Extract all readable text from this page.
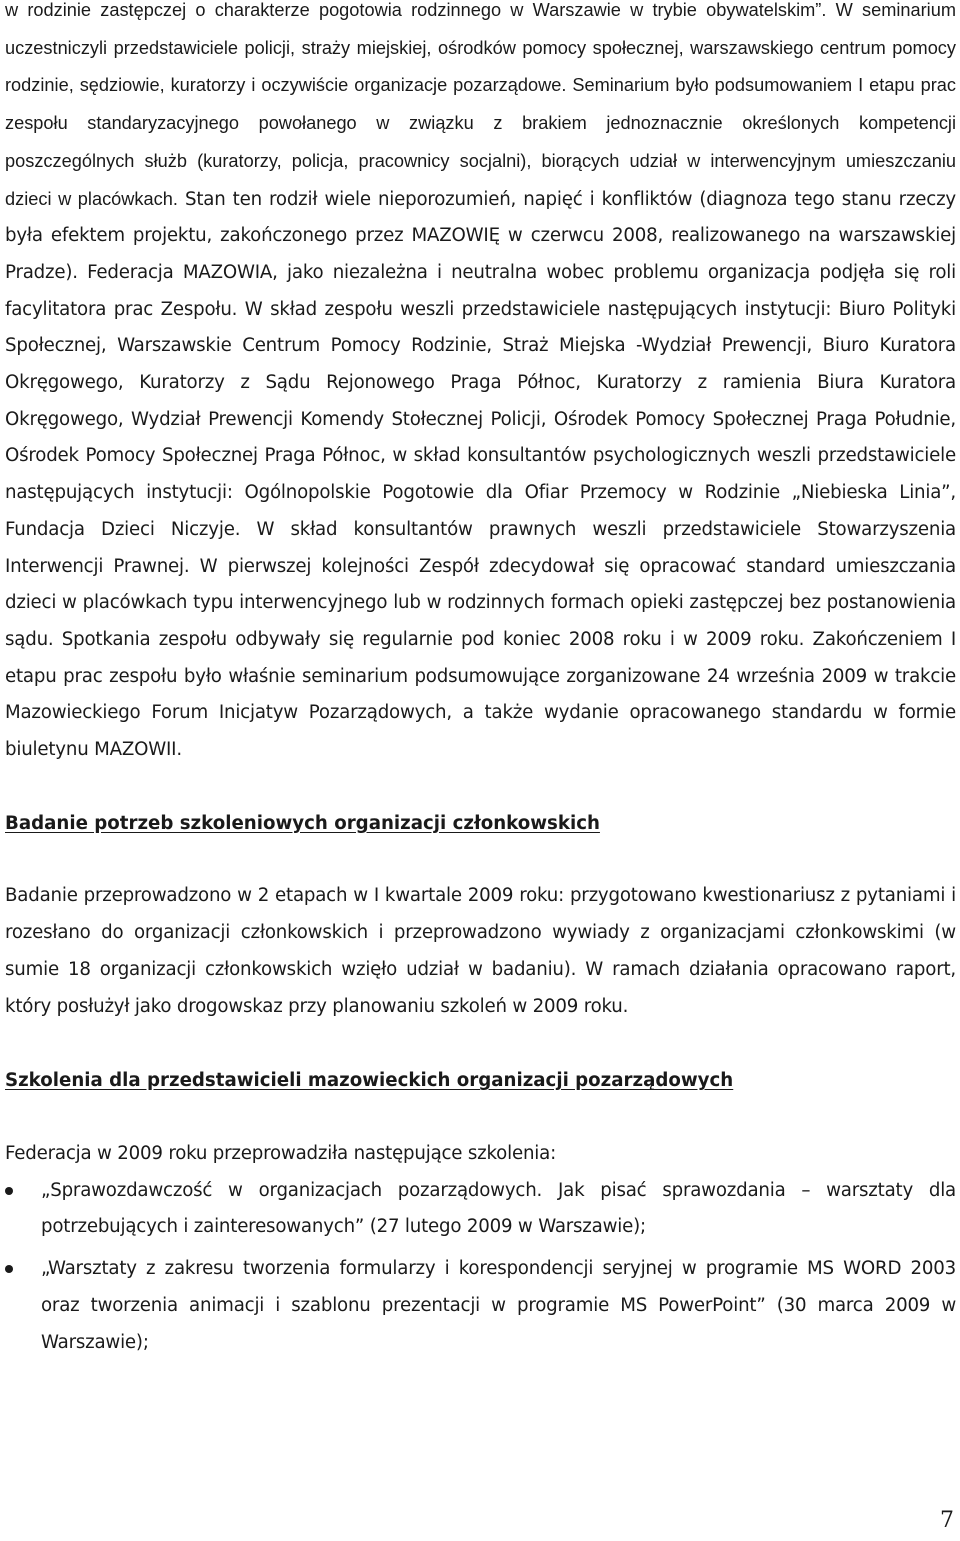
w rodzinie zastępczej o charakterze pogotowia rodzinnego w Warszawie w trybie obywatelskim”. W seminarium uczestniczyli przedstawiciele policji, straży miejskiej, ośrodków pomocy społecznej, warszawskiego centrum pomocy rodzinie, sędziowie, kuratorzy i oczywiście organizacje pozarządowe. Seminarium było podsumowaniem I etapu prac zespołu standaryzacyjnego powołanego w związku z brakiem jednoznacznie określonych kompetencji poszczególnych służb (kuratorzy, policja, pracownicy socjalni), biorących udział w interwencyjnym umieszczaniu dzieci w placówkach. Stan ten rodził wiele nieporozumień, napięć i konfliktów (diagnoza tego stanu rzeczy była efektem projektu, zakończonego przez MAZOWIĘ w czerwcu 2008, realizowanego na warszawskiej Pradze). Federacja MAZOWIA, jako niezależna i neutralna wobec problemu organizacja podjęła się roli facylitatora prac Zespołu. W skład zespołu weszli przedstawiciele następujących instytucji: Biuro Polityki Społecznej, Warszawskie Centrum Pomocy Rodzinie, Straż Miejska -Wydział Prewencji, Biuro Kuratora Okręgowego, Kuratorzy z Sądu Rejonowego Praga Północ, Kuratorzy z ramienia Biura Kuratora Okręgowego, Wydział Prewencji Komendy Stołecznej Policji, Ośrodek Pomocy Społecznej Praga Południe, Ośrodek Pomocy Społecznej Praga Północ, w skład konsultantów psychologicznych weszli przedstawiciele następujących instytucji: Ogólnopolskie Pogotowie dla Ofiar Przemocy w Rodzinie „Niebieska Linia”, Fundacja Dzieci Niczyje. W skład konsultantów prawnych weszli przedstawiciele Stowarzyszenia Interwencji Prawnej. W pierwszej kolejności Zespół zdecydował się opracować standard umieszczania dzieci w placówkach typu interwencyjnego lub w rodzinnych formach opieki zastępczej bez postanowienia sądu. Spotkania zespołu odbywały się regularnie pod koniec 2008 roku i w 2009 roku. Zakończeniem I etapu prac zespołu było właśnie seminarium podsumowujące zorganizowane 24 września 2009 w trakcie Mazowieckiego Forum Inicjatyw Pozarządowych, a także wydanie opracowanego standardu w formie biuletynu MAZOWII.

Badanie potrzeb szkoleniowych organizacji członkowskich

Badanie przeprowadzono w 2 etapach w I kwartale 2009 roku: przygotowano kwestionariusz z pytaniami i rozesłano do organizacji członkowskich i przeprowadzono wywiady z organizacjami członkowskimi (w sumie 18 organizacji członkowskich wzięło udział w badaniu). W ramach działania opracowano raport, który posłużył jako drogowskaz przy planowaniu szkoleń w 2009 roku.

Szkolenia dla przedstawicieli mazowieckich organizacji pozarządowych

Federacja w 2009 roku przeprowadziła następujące szkolenia:

„Sprawozdawczość w organizacjach pozarządowych. Jak pisać sprawozdania – warsztaty dla potrzebujących i zainteresowanych” (27 lutego 2009 w Warszawie);
„Warsztaty z zakresu tworzenia formularzy i korespondencji seryjnej w programie MS WORD 2003 oraz tworzenia animacji i szablonu prezentacji w programie MS PowerPoint” (30 marca 2009 w Warszawie);
7
